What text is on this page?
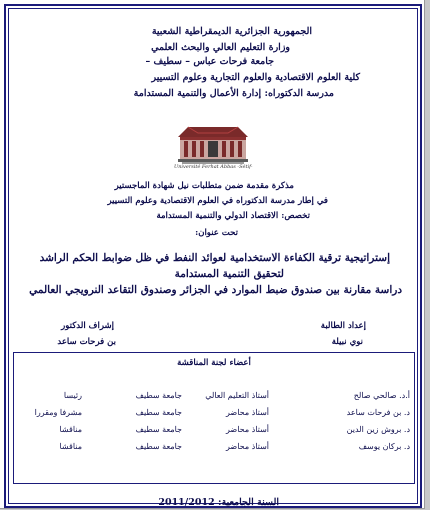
الجمهورية الجزائرية الديمقراطية الشعبية
وزارة التعليم العالي والبحث العلمي
جامعة فرحات عباس – سطيف –
كلية العلوم الاقتصادية والعلوم التجارية وعلوم التسيير
مدرسة الدكتوراه: إدارة الأعمال والتنمية المستدامة
Université Ferhat Abbas -Sétif-
مذكرة مقدمة ضمن متطلبات نيل شهادة الماجستير
في إطار مدرسة الدكتوراه في العلوم الاقتصادية وعلوم التسيير
تخصص: الاقتصاد الدولي والتنمية المستدامة
تحت عنوان:
إستراتيجية ترقية الكفاءة الاستخدامية لعوائد النفط في ظل ضوابط الحكم الراشد
لتحقيق التنمية المستدامة
دراسة مقارنة بين صندوق ضبط الموارد في الجزائر وصندوق التقاعد النرويجي العالمي
إعداد الطالبة
نوي نبيلة
إشراف الدكتور
بن فرحات ساعد
أعضاء لجنة المناقشة
أ.د. صالحي صالح
أستاذ التعليم العالي
جامعة سطيف
رئيسا
د. بن فرحات ساعد
أستاذ محاضر
جامعة سطيف
مشرفا ومقررا
د. بروش زين الدين
أستاذ محاضر
جامعة سطيف
مناقشا
د. بركان يوسف
أستاذ محاضر
جامعة سطيف
مناقشا
السنة الجامعية: 2011/2012
